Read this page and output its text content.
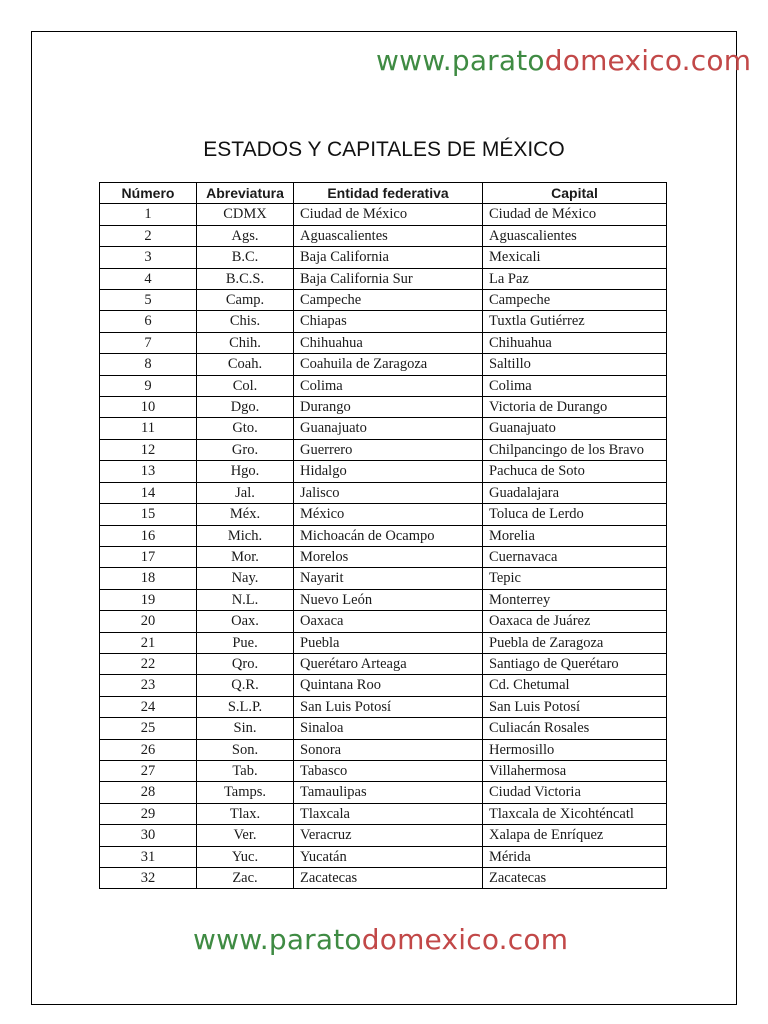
www.paratodomexico.com
ESTADOS Y CAPITALES DE MÉXICO
Número	Abreviatura	Entidad federativa	Capital
1	CDMX	Ciudad de México	Ciudad de México
2	Ags.	Aguascalientes	Aguascalientes
3	B.C.	Baja California	Mexicali
4	B.C.S.	Baja California Sur	La Paz
5	Camp.	Campeche	Campeche
6	Chis.	Chiapas	Tuxtla Gutiérrez
7	Chih.	Chihuahua	Chihuahua
8	Coah.	Coahuila de Zaragoza	Saltillo
9	Col.	Colima	Colima
10	Dgo.	Durango	Victoria de Durango
11	Gto.	Guanajuato	Guanajuato
12	Gro.	Guerrero	Chilpancingo de los Bravo
13	Hgo.	Hidalgo	Pachuca de Soto
14	Jal.	Jalisco	Guadalajara
15	Méx.	México	Toluca de Lerdo
16	Mich.	Michoacán de Ocampo	Morelia
17	Mor.	Morelos	Cuernavaca
18	Nay.	Nayarit	Tepic
19	N.L.	Nuevo León	Monterrey
20	Oax.	Oaxaca	Oaxaca de Juárez
21	Pue.	Puebla	Puebla de Zaragoza
22	Qro.	Querétaro Arteaga	Santiago de Querétaro
23	Q.R.	Quintana Roo	Cd. Chetumal
24	S.L.P.	San Luis Potosí	San Luis Potosí
25	Sin.	Sinaloa	Culiacán Rosales
26	Son.	Sonora	Hermosillo
27	Tab.	Tabasco	Villahermosa
28	Tamps.	Tamaulipas	Ciudad Victoria
29	Tlax.	Tlaxcala	Tlaxcala de Xicohténcatl
30	Ver.	Veracruz	Xalapa de Enríquez
31	Yuc.	Yucatán	Mérida
32	Zac.	Zacatecas	Zacatecas
www.paratodomexico.com
